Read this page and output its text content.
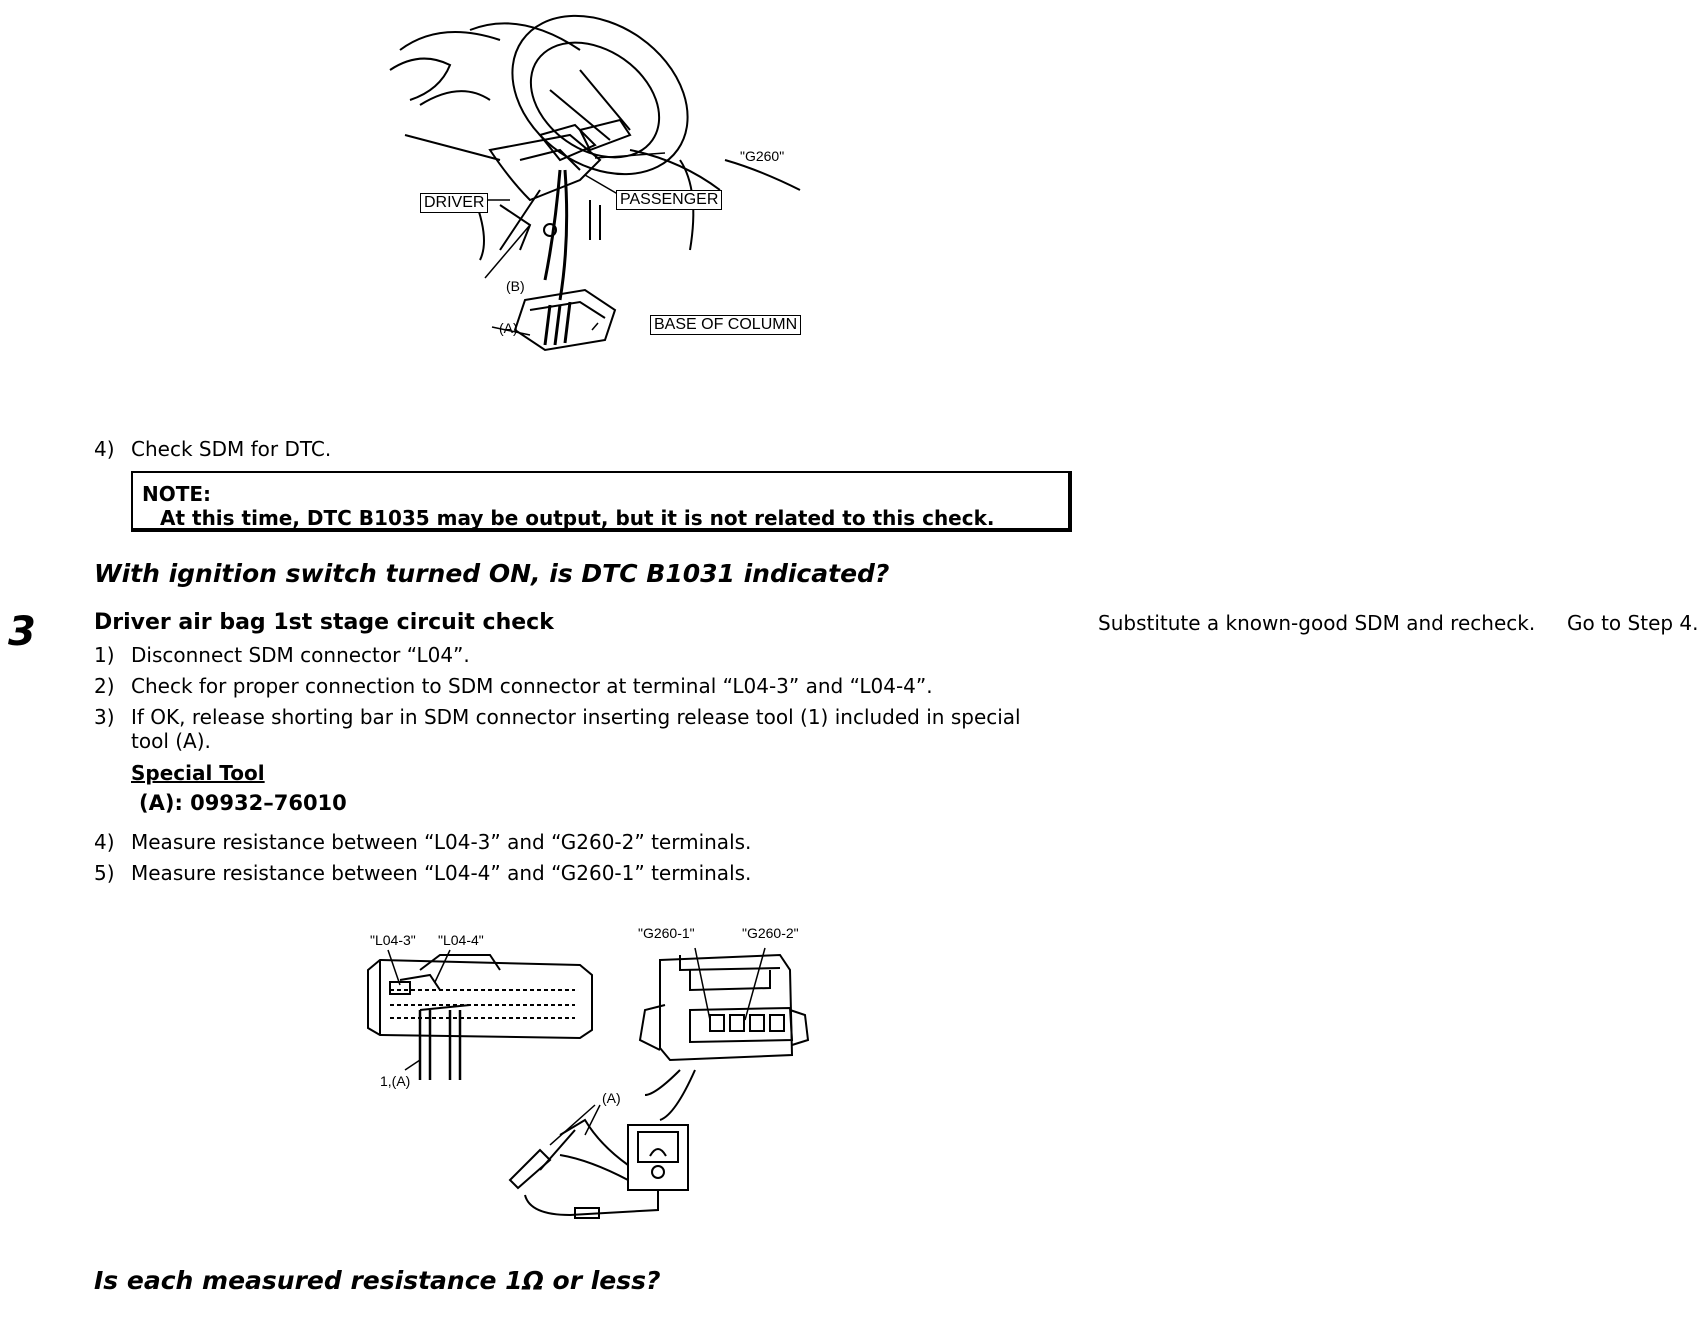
"G260"
DRIVER	PASSENGER
(B)
(A)	BASE OF COLUMN
4) Check SDM for DTC.
NOTE:
At this time, DTC B1035 may be output, but it is not related to this check.
With ignition switch turned ON, is DTC B1031 indicated?
3	Driver air bag 1st stage circuit check	Substitute a known-good SDM and recheck. Go to Step 4.
1) Disconnect SDM connector “L04”.
2) Check for proper connection to SDM connector at terminal “L04-3” and “L04-4”.
3) If OK, release shorting bar in SDM connector inserting release tool (1) included in special
tool (A).
Special Tool
(A): 09932–76010
4) Measure resistance between “L04-3” and “G260-2” terminals.
5) Measure resistance between “L04-4” and “G260-1” terminals.
"L04-3" "L04-4"	"G260-1"	"G260-2"
1,(A)
(A)
Is each measured resistance 1Ω or less?
